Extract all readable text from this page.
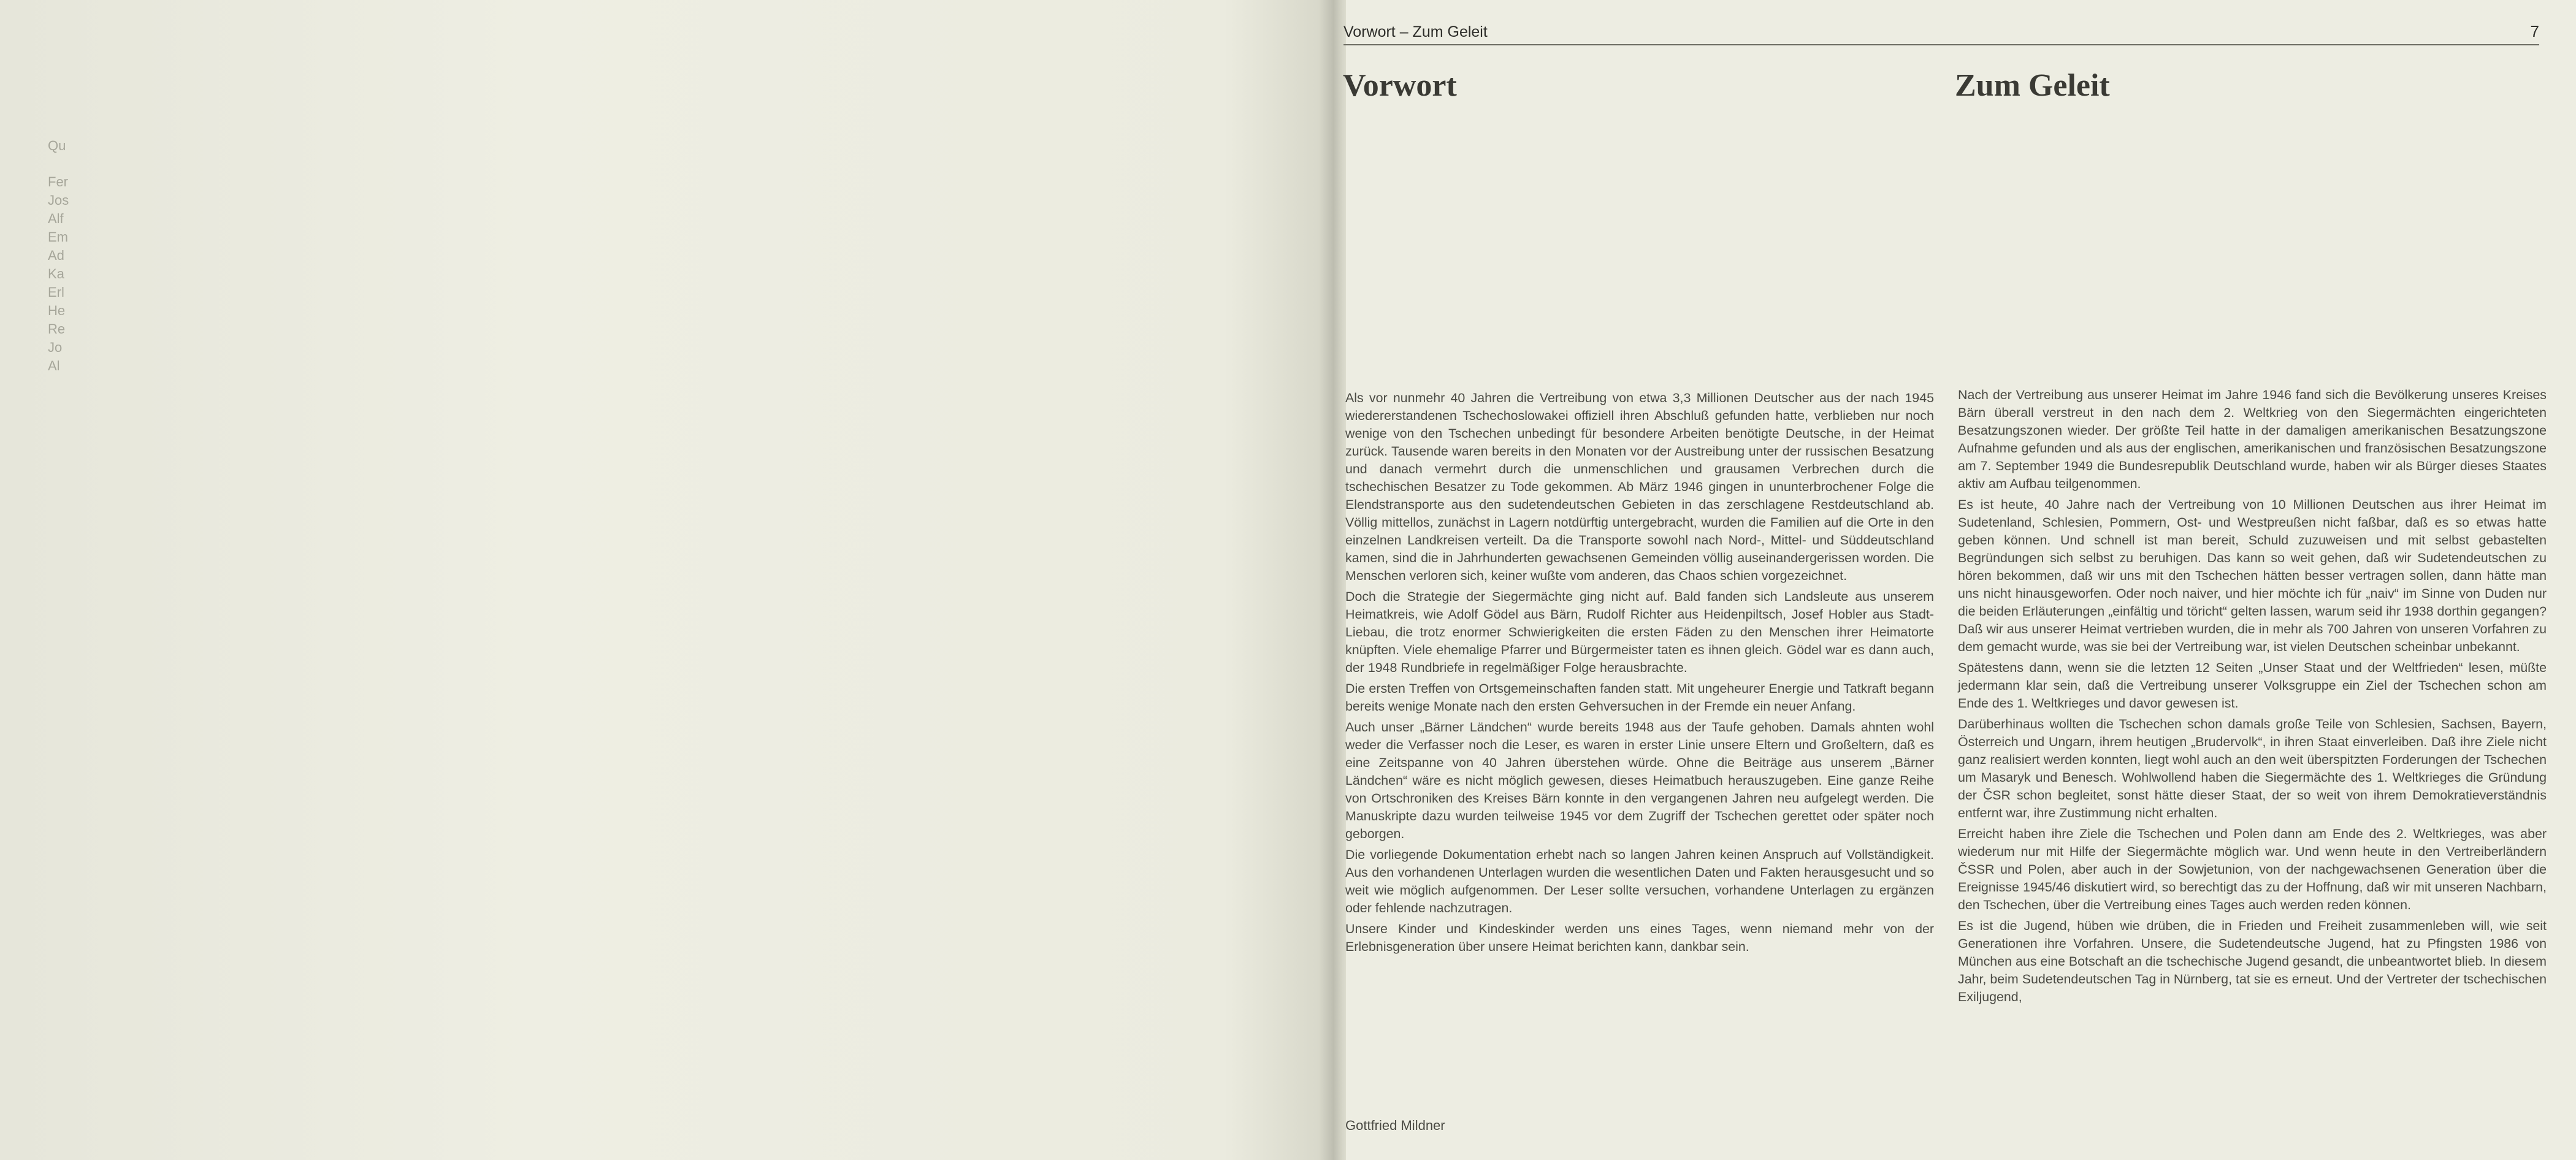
Qu
Fer
Jos
Alf
Em
Ad
Ka
Erl
He
Re
Jo
Al
Vorwort – Zum Geleit	7
Vorwort	Zum Geleit

Als vor nunmehr 40 Jahren die Vertreibung von etwa 3,3 Millionen Deutscher aus der nach 1945 wiedererstandenen Tschechoslowakei offiziell ihren Abschluß gefunden hatte, verblieben nur noch wenige von den Tschechen unbedingt für besondere Arbeiten benötigte Deutsche, in der Heimat zurück. Tausende waren bereits in den Monaten vor der Austreibung unter der russischen Besatzung und danach vermehrt durch die unmenschlichen und grausamen Verbrechen durch die tschechischen Besatzer zu Tode gekommen. Ab März 1946 gingen in ununterbrochener Folge die Elendstransporte aus den sudetendeutschen Gebieten in das zerschlagene Restdeutschland ab. Völlig mittellos, zunächst in Lagern notdürftig untergebracht, wurden die Familien auf die Orte in den einzelnen Landkreisen verteilt. Da die Transporte sowohl nach Nord-, Mittel- und Süddeutschland kamen, sind die in Jahrhunderten gewachsenen Gemeinden völlig auseinandergerissen worden. Die Menschen verloren sich, keiner wußte vom anderen, das Chaos schien vorgezeichnet.

Doch die Strategie der Siegermächte ging nicht auf. Bald fanden sich Landsleute aus unserem Heimatkreis, wie Adolf Gödel aus Bärn, Rudolf Richter aus Heidenpiltsch, Josef Hobler aus Stadt-Liebau, die trotz enormer Schwierigkeiten die ersten Fäden zu den Menschen ihrer Heimatorte knüpften. Viele ehemalige Pfarrer und Bürgermeister taten es ihnen gleich. Gödel war es dann auch, der 1948 Rundbriefe in regelmäßiger Folge herausbrachte.

Die ersten Treffen von Ortsgemeinschaften fanden statt. Mit ungeheurer Energie und Tatkraft begann bereits wenige Monate nach den ersten Gehversuchen in der Fremde ein neuer Anfang.

Auch unser „Bärner Ländchen“ wurde bereits 1948 aus der Taufe gehoben. Damals ahnten wohl weder die Verfasser noch die Leser, es waren in erster Linie unsere Eltern und Großeltern, daß es eine Zeitspanne von 40 Jahren überstehen würde. Ohne die Beiträge aus unserem „Bärner Ländchen“ wäre es nicht möglich gewesen, dieses Heimatbuch herauszugeben. Eine ganze Reihe von Ortschroniken des Kreises Bärn konnte in den vergangenen Jahren neu aufgelegt werden. Die Manuskripte dazu wurden teilweise 1945 vor dem Zugriff der Tschechen gerettet oder später noch geborgen.

Die vorliegende Dokumentation erhebt nach so langen Jahren keinen Anspruch auf Vollständigkeit. Aus den vorhandenen Unterlagen wurden die wesentlichen Daten und Fakten herausgesucht und so weit wie möglich aufgenommen. Der Leser sollte versuchen, vorhandene Unterlagen zu ergänzen oder fehlende nachzutragen.

Unsere Kinder und Kindeskinder werden uns eines Tages, wenn niemand mehr von der Erlebnisgeneration über unsere Heimat berichten kann, dankbar sein.

Gottfried Mildner

Nach der Vertreibung aus unserer Heimat im Jahre 1946 fand sich die Bevölkerung unseres Kreises Bärn überall verstreut in den nach dem 2. Weltkrieg von den Siegermächten eingerichteten Besatzungszonen wieder. Der größte Teil hatte in der damaligen amerikanischen Besatzungszone Aufnahme gefunden und als aus der englischen, amerikanischen und französischen Besatzungszone am 7. September 1949 die Bundesrepublik Deutschland wurde, haben wir als Bürger dieses Staates aktiv am Aufbau teilgenommen.

Es ist heute, 40 Jahre nach der Vertreibung von 10 Millionen Deutschen aus ihrer Heimat im Sudetenland, Schlesien, Pommern, Ost- und Westpreußen nicht faßbar, daß es so etwas hatte geben können. Und schnell ist man bereit, Schuld zuzuweisen und mit selbst gebastelten Begründungen sich selbst zu beruhigen. Das kann so weit gehen, daß wir Sudetendeutschen zu hören bekommen, daß wir uns mit den Tschechen hätten besser vertragen sollen, dann hätte man uns nicht hinausgeworfen. Oder noch naiver, und hier möchte ich für „naiv“ im Sinne von Duden nur die beiden Erläuterungen „einfältig und töricht“ gelten lassen, warum seid ihr 1938 dorthin gegangen? Daß wir aus unserer Heimat vertrieben wurden, die in mehr als 700 Jahren von unseren Vorfahren zu dem gemacht wurde, was sie bei der Vertreibung war, ist vielen Deutschen scheinbar unbekannt.

Spätestens dann, wenn sie die letzten 12 Seiten „Unser Staat und der Weltfrieden“ lesen, müßte jedermann klar sein, daß die Vertreibung unserer Volksgruppe ein Ziel der Tschechen schon am Ende des 1. Weltkrieges und davor gewesen ist.

Darüberhinaus wollten die Tschechen schon damals große Teile von Schlesien, Sachsen, Bayern, Österreich und Ungarn, ihrem heutigen „Brudervolk“, in ihren Staat einverleiben. Daß ihre Ziele nicht ganz realisiert werden konnten, liegt wohl auch an den weit überspitzten Forderungen der Tschechen um Masaryk und Benesch. Wohlwollend haben die Siegermächte des 1. Weltkrieges die Gründung der ČSR schon begleitet, sonst hätte dieser Staat, der so weit von ihrem Demokratieverständnis entfernt war, ihre Zustimmung nicht erhalten.

Erreicht haben ihre Ziele die Tschechen und Polen dann am Ende des 2. Weltkrieges, was aber wiederum nur mit Hilfe der Siegermächte möglich war. Und wenn heute in den Vertreiberländern ČSSR und Polen, aber auch in der Sowjetunion, von der nachgewachsenen Generation über die Ereignisse 1945/46 diskutiert wird, so berechtigt das zu der Hoffnung, daß wir mit unseren Nachbarn, den Tschechen, über die Vertreibung eines Tages auch werden reden können.

Es ist die Jugend, hüben wie drüben, die in Frieden und Freiheit zusammenleben will, wie seit Generationen ihre Vorfahren. Unsere, die Sudetendeutsche Jugend, hat zu Pfingsten 1986 von München aus eine Botschaft an die tschechische Jugend gesandt, die unbeantwortet blieb. In diesem Jahr, beim Sudetendeutschen Tag in Nürnberg, tat sie es erneut. Und der Vertreter der tschechischen Exiljugend,
